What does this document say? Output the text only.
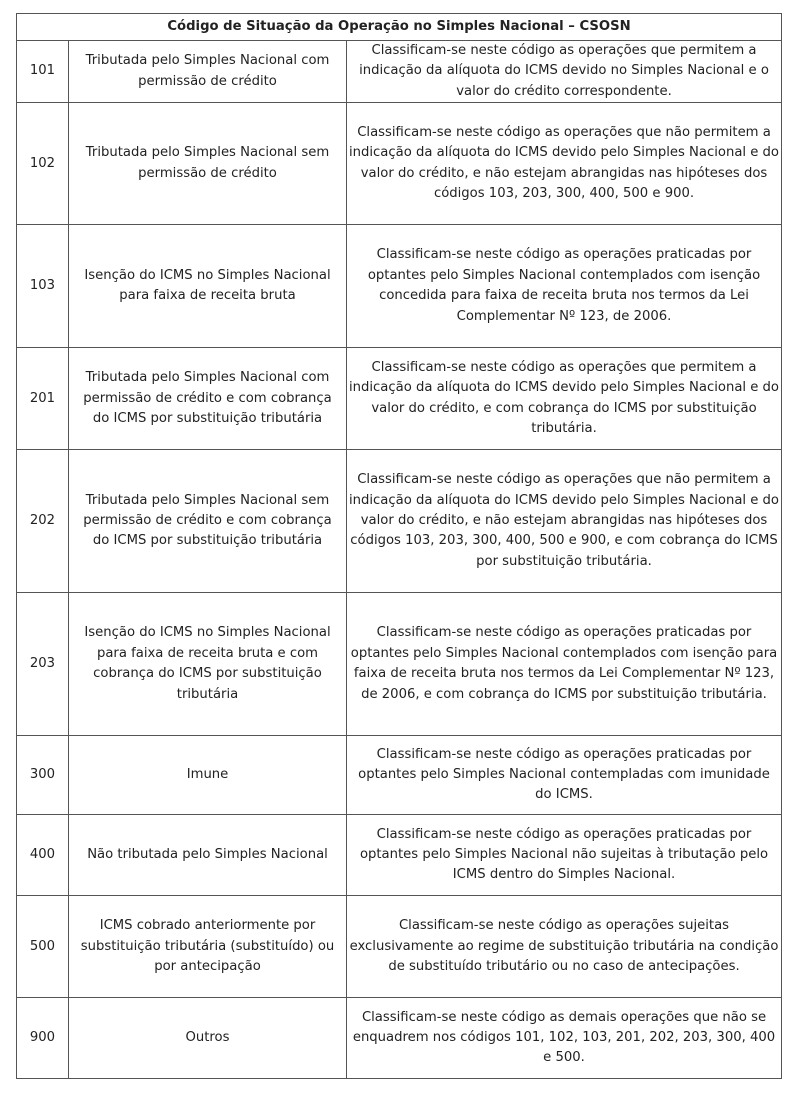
Código de Situação da Operação no Simples Nacional – CSOSN		
101	Tributada pelo Simples Nacional com permissão de crédito	Classificam-se neste código as operações que permitem a indicação da alíquota do ICMS devido no Simples Nacional e o valor do crédito correspondente.
102	Tributada pelo Simples Nacional sem permissão de crédito	Classificam-se neste código as operações que não permitem a indicação da alíquota do ICMS devido pelo Simples Nacional e do valor do crédito, e não estejam abrangidas nas hipóteses dos códigos 103, 203, 300, 400, 500 e 900.
103	Isenção do ICMS no Simples Nacional para faixa de receita bruta	Classificam-se neste código as operações praticadas por optantes pelo Simples Nacional contemplados com isenção concedida para faixa de receita bruta nos termos da Lei Complementar Nº 123, de 2006.
201	Tributada pelo Simples Nacional com permissão de crédito e com cobrança do ICMS por substituição tributária	Classificam-se neste código as operações que permitem a indicação da alíquota do ICMS devido pelo Simples Nacional e do valor do crédito, e com cobrança do ICMS por substituição tributária.
202	Tributada pelo Simples Nacional sem permissão de crédito e com cobrança do ICMS por substituição tributária	Classificam-se neste código as operações que não permitem a indicação da alíquota do ICMS devido pelo Simples Nacional e do valor do crédito, e não estejam abrangidas nas hipóteses dos códigos 103, 203, 300, 400, 500 e 900, e com cobrança do ICMS por substituição tributária.
203	Isenção do ICMS no Simples Nacional para faixa de receita bruta e com cobrança do ICMS por substituição tributária	Classificam-se neste código as operações praticadas por optantes pelo Simples Nacional contemplados com isenção para faixa de receita bruta nos termos da Lei Complementar Nº 123, de 2006, e com cobrança do ICMS por substituição tributária.
300	Imune	Classificam-se neste código as operações praticadas por optantes pelo Simples Nacional contempladas com imunidade do ICMS.
400	Não tributada pelo Simples Nacional	Classificam-se neste código as operações praticadas por optantes pelo Simples Nacional não sujeitas à tributação pelo ICMS dentro do Simples Nacional.
500	ICMS cobrado anteriormente por substituição tributária (substituído) ou por antecipação	Classificam-se neste código as operações sujeitas exclusivamente ao regime de substituição tributária na condição de substituído tributário ou no caso de antecipações.
900	Outros	Classificam-se neste código as demais operações que não se enquadrem nos códigos 101, 102, 103, 201, 202, 203, 300, 400 e 500.
